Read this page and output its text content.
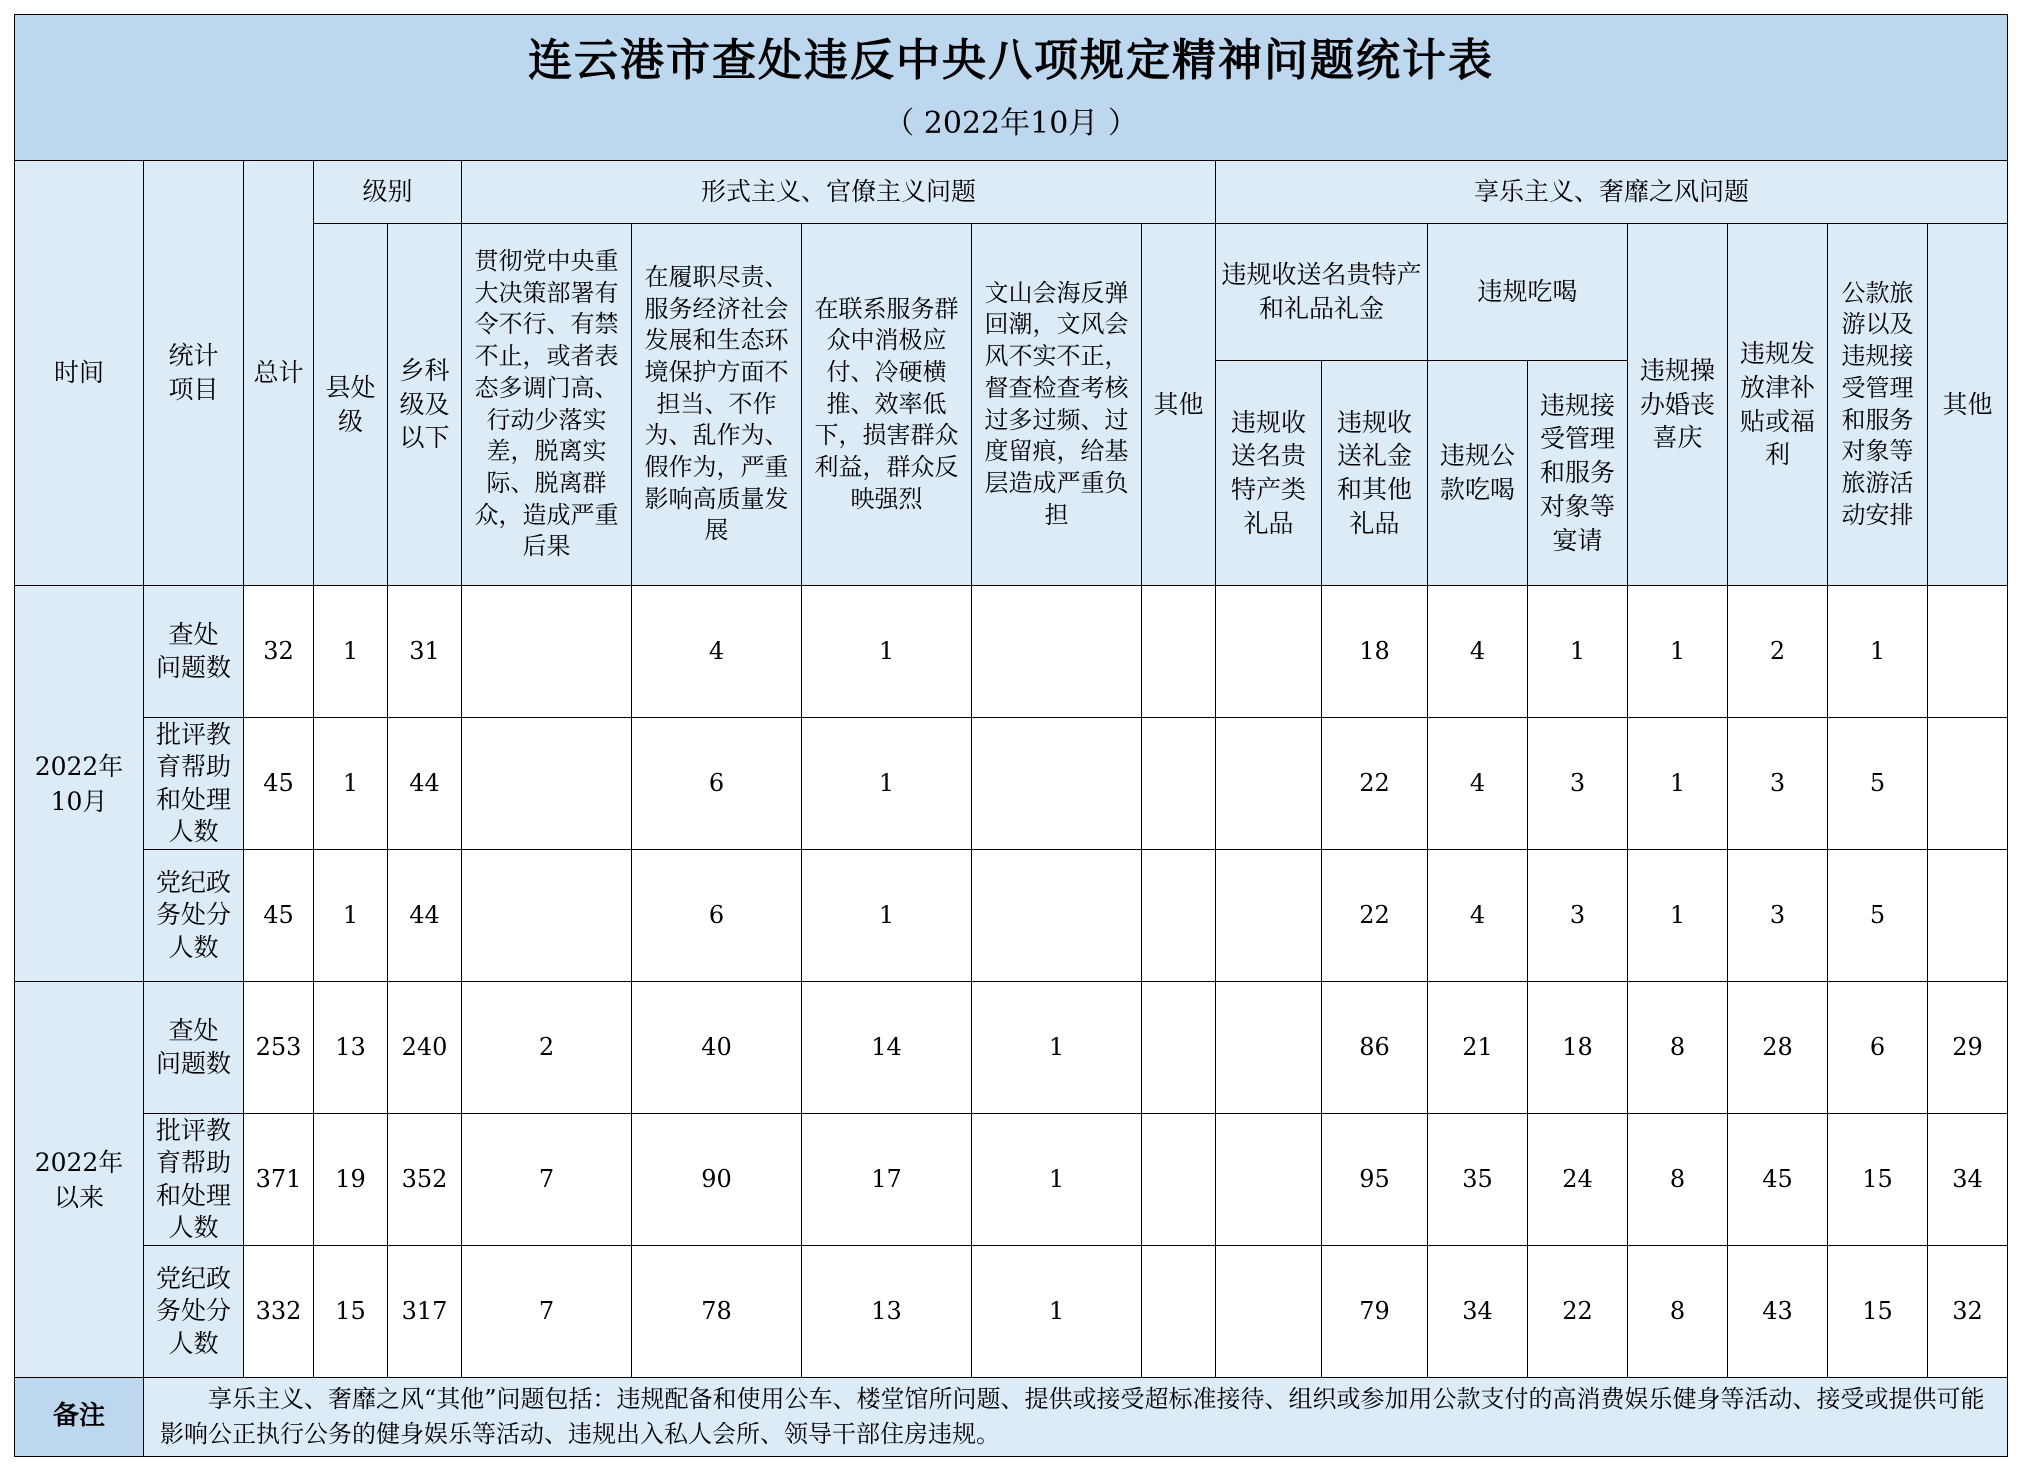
连云港市查处违反中央八项规定精神问题统计表
（ 2022年10月 ）																	

时间	统计
项目	总计	级别		形式主义、官僚主义问题					享乐主义、奢靡之风问题							
			县处级	乡科级及以下	贯彻党中央重大决策部署有令不行、有禁不止，或者表态多调门高、行动少落实差，脱离实际、脱离群众，造成严重后果	在履职尽责、服务经济社会发展和生态环境保护方面不担当、不作为、乱作为、假作为，严重影响高质量发展	在联系服务群众中消极应付、冷硬横推、效率低下，损害群众利益，群众反映强烈	文山会海反弹回潮，文风会风不实不正，督查检查考核过多过频、过度留痕，给基层造成严重负担	其他	违规收送名贵特产和礼品礼金		违规吃喝		违规操办婚丧喜庆	违规发放津补贴或福利	公款旅游以及违规接受管理和服务对象等旅游活动安排	其他
										违规收送名贵特产类礼品	违规收送礼金和其他礼品	违规公款吃喝	违规接受管理和服务对象等宴请				
2022年
10月	查处
问题数	32	1	31		4	1				18	4	1	1	2	1	
	批评教
育帮助
和处理
人数	45	1	44		6	1				22	4	3	1	3	5	
	党纪政
务处分
人数	45	1	44		6	1				22	4	3	1	3	5	
2022年
以来	查处
问题数	253	13	240	2	40	14	1			86	21	18	8	28	6	29
	批评教
育帮助
和处理
人数	371	19	352	7	90	17	1			95	35	24	8	45	15	34
	党纪政
务处分
人数	332	15	317	7	78	13	1			79	34	22	8	43	15	32
备注	享乐主义、奢靡之风“其他”问题包括：违规配备和使用公车、楼堂馆所问题、提供或接受超标准接待、组织或参加用公款支付的高消费娱乐健身等活动、接受或提供可能影响公正执行公务的健身娱乐等活动、违规出入私人会所、领导干部住房违规。																
